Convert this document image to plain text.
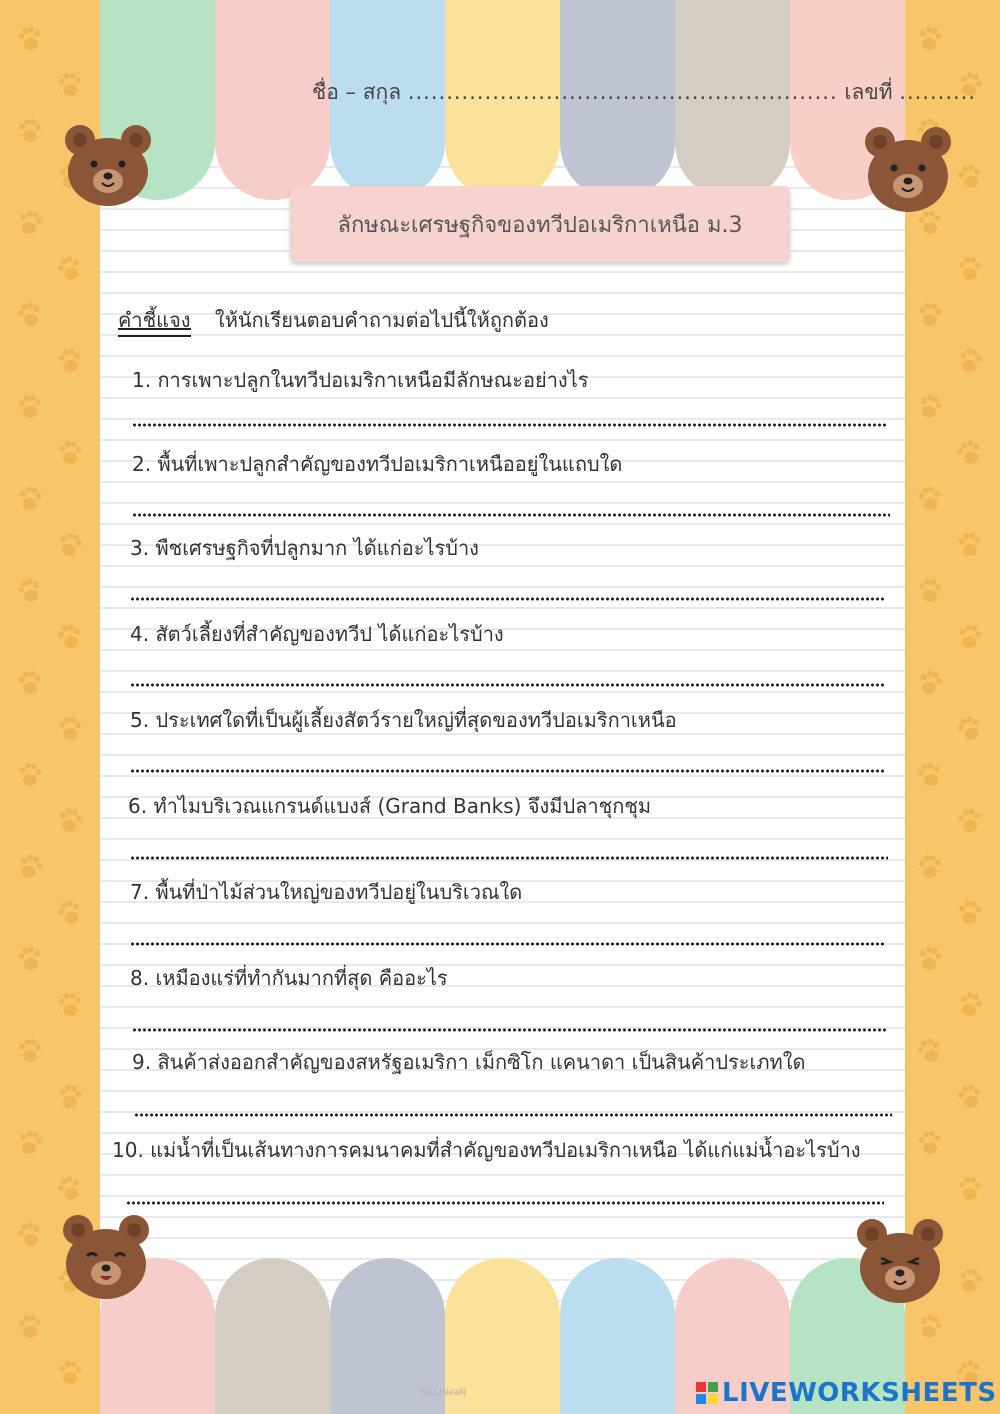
ชื่อ – สกุล ........................................................ เลขที่ ..........
ลักษณะเศรษฐกิจของทวีปอเมริกาเหนือ ม.3
คำชี้แจง ให้นักเรียนตอบคำถามต่อไปนี้ให้ถูกต้อง
1. การเพาะปลูกในทวีปอเมริกาเหนือมีลักษณะอย่างไร
2. พื้นที่เพาะปลูกสำคัญของทวีปอเมริกาเหนืออยู่ในแถบใด
3. พืชเศรษฐกิจที่ปลูกมาก ได้แก่อะไรบ้าง
4. สัตว์เลี้ยงที่สำคัญของทวีป ได้แก่อะไรบ้าง
5. ประเทศใดที่เป็นผู้เลี้ยงสัตว์รายใหญ่ที่สุดของทวีปอเมริกาเหนือ
6. ทำไมบริเวณแกรนด์แบงส์ (Grand Banks) จึงมีปลาชุกชุม
7. พื้นที่ป่าไม้ส่วนใหญ่ของทวีปอยู่ในบริเวณใด
8. เหมืองแร่ที่ทำกันมากที่สุด คืออะไร
9. สินค้าส่งออกสำคัญของสหรัฐอเมริกา เม็กซิโก แคนาดา เป็นสินค้าประเภทใด
10. แม่น้ำที่เป็นเส้นทางการคมนาคมที่สำคัญของทวีปอเมริกาเหนือ ได้แก่แม่น้ำอะไรบ้าง
NiLLiNeaN	LIVEWORKSHEETS
